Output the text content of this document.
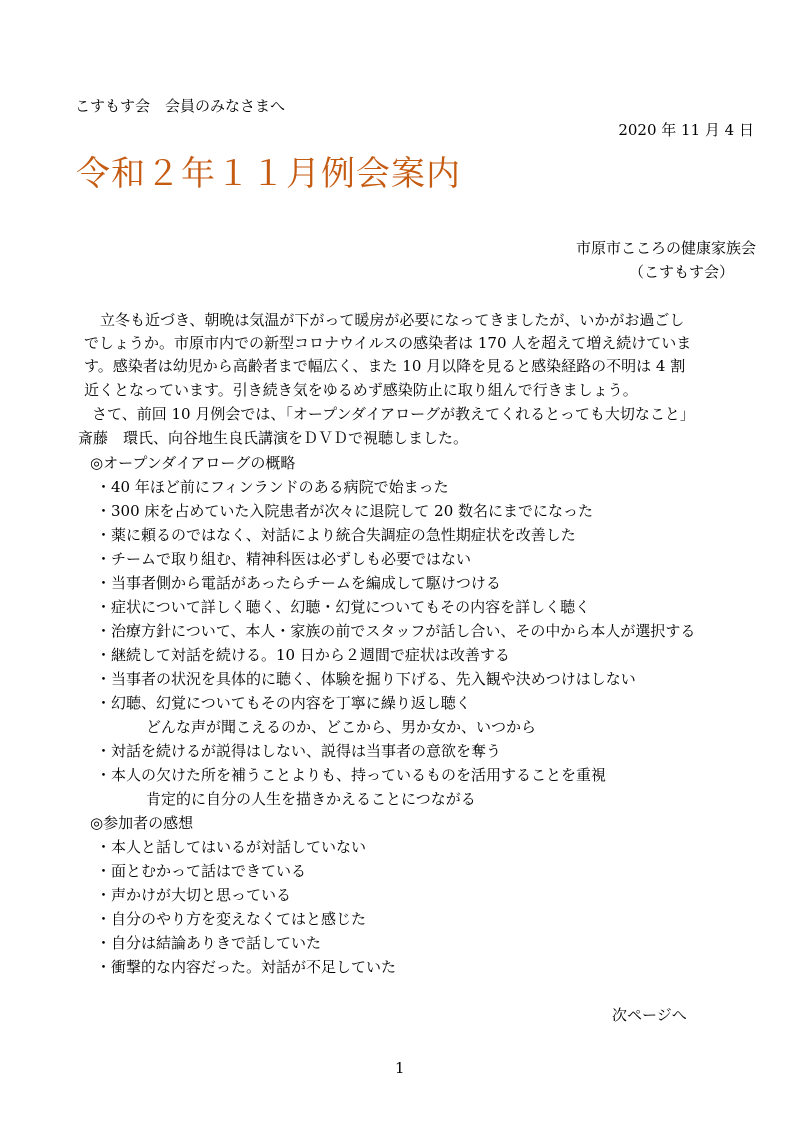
こすもす会　会員のみなさまへ
2020 年 11 月 4 日
令和２年１１月例会案内
市原市こころの健康家族会
（こすもす会）
立冬も近づき、朝晩は気温が下がって暖房が必要になってきましたが、いかがお過ごし
でしょうか。市原市内での新型コロナウイルスの感染者は 170 人を超えて増え続けていま
す。感染者は幼児から高齢者まで幅広く、また 10 月以降を見ると感染経路の不明は 4 割
近くとなっています。引き続き気をゆるめず感染防止に取り組んで行きましょう。
さて、前回 10 月例会では、「オープンダイアローグが教えてくれるとっても大切なこと」
斎藤　環氏、向谷地生良氏講演をＤＶＤで視聴しました。
◎オープンダイアローグの概略
・40 年ほど前にフィンランドのある病院で始まった
・300 床を占めていた入院患者が次々に退院して 20 数名にまでになった
・薬に頼るのではなく、対話により統合失調症の急性期症状を改善した
・チームで取り組む、精神科医は必ずしも必要ではない
・当事者側から電話があったらチームを編成して駆けつける
・症状について詳しく聴く、幻聴・幻覚についてもその内容を詳しく聴く
・治療方針について、本人・家族の前でスタッフが話し合い、その中から本人が選択する
・継続して対話を続ける。10 日から２週間で症状は改善する
・当事者の状況を具体的に聴く、体験を掘り下げる、先入観や決めつけはしない
・幻聴、幻覚についてもその内容を丁寧に繰り返し聴く
どんな声が聞こえるのか、どこから、男か女か、いつから
・対話を続けるが説得はしない、説得は当事者の意欲を奪う
・本人の欠けた所を補うことよりも、持っているものを活用することを重視
肯定的に自分の人生を描きかえることにつながる
◎参加者の感想
・本人と話してはいるが対話していない
・面とむかって話はできている
・声かけが大切と思っている
・自分のやり方を変えなくてはと感じた
・自分は結論ありきで話していた
・衝撃的な内容だった。対話が不足していた
次ページへ
1
